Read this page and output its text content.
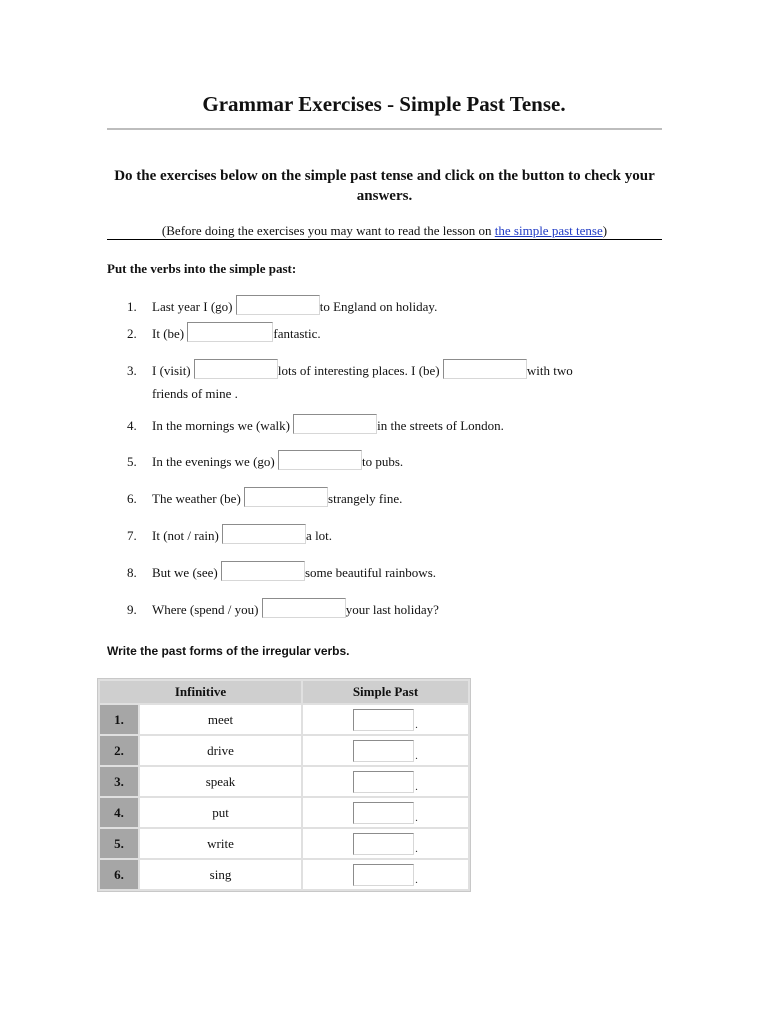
Grammar Exercises - Simple Past Tense.

Do the exercises below on the simple past tense and click on the button to check your answers.

(Before doing the exercises you may want to read the lesson on the simple past tense)

Put the verbs into the simple past:

1. Last year I (go)	to England on holiday.
2. It (be)	fantastic.
3. I (visit)	lots of interesting places. I (be)	with two
friends of mine .
4. In the mornings we (walk)	in the streets of London.
5. In the evenings we (go)	to pubs.
6. The weather (be)	strangely fine.
7. It (not / rain)	a lot.
8. But we (see)	some beautiful rainbows.
9. Where (spend / you)	your last holiday?

Write the past forms of the irregular verbs.

Infinitive		Simple Past
1.	meet	.
2.	drive	.
3.	speak	.
4.	put	.
5.	write	.
6.	sing	.
